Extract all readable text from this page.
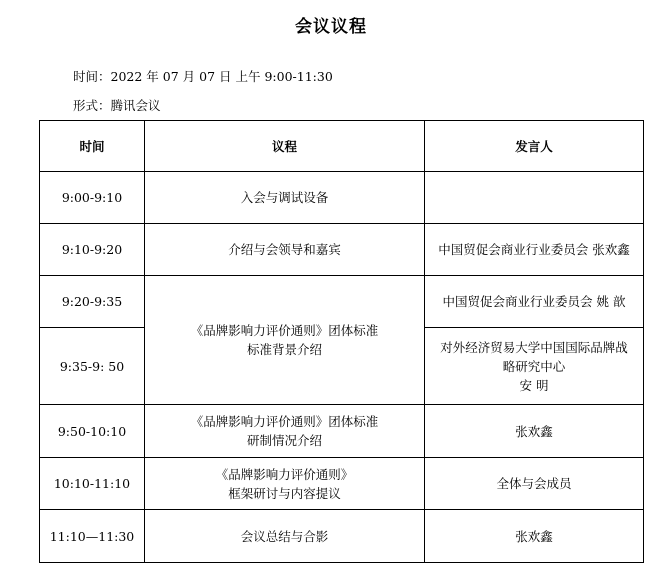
会议议程
时间：2022 年 07 月 07 日 上午 9:00-11:30
形式：腾讯会议
时间	议程	发言人
9:00-9:10	入会与调试设备	

9:10-9:20	介绍与会领导和嘉宾	中国贸促会商业行业委员会 张欢鑫

9:20-9:35	《品牌影响力评价通则》团体标准
标准背景介绍	中国贸促会商业行业委员会 姚 歆

9:35-9: 50		对外经济贸易大学中国国际品牌战
略研究中心
安 明

9:50-10:10	《品牌影响力评价通则》团体标准
研制情况介绍	张欢鑫

10:10-11:10	《品牌影响力评价通则》
框架研讨与内容提议	全体与会成员

11:10—11:30	会议总结与合影	张欢鑫
